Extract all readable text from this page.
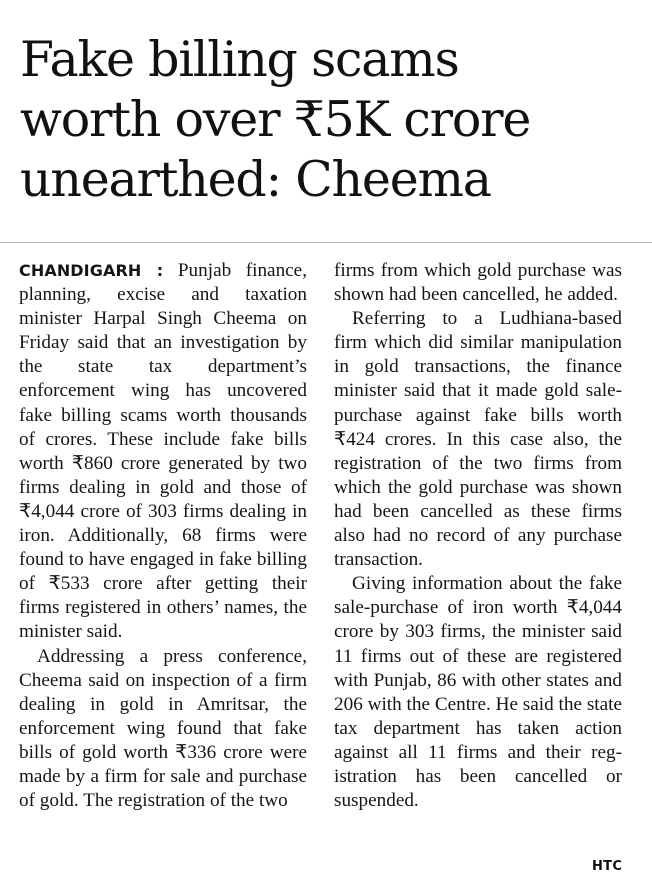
Fake billing scams
worth over ₹5K crore
unearthed: Cheema

CHANDIGARH : Punjab finance, planning, excise and taxation minister Harpal Singh Cheema on Friday said that an investigation by the state tax department’s enforcement wing has uncovered fake billing scams worth thousands of crores. These include fake bills worth ₹860 crore generated by two firms dealing in gold and those of ₹4,044 crore of 303 firms dealing in iron. Additionally, 68 firms were found to have engaged in fake billing of ₹533 crore after getting their firms registered in others’ names, the minister said.

Addressing a press conference, Cheema said on inspection of a firm dealing in gold in Amritsar, the enforcement wing found that fake bills of gold worth ₹336 crore were made by a firm for sale and purchase of gold. The registration of the two

firms from which gold purchase was shown had been cancelled, he added.

Referring to a Ludhiana-based firm which did similar manipulation in gold transactions, the finance minister said that it made gold sale-purchase against fake bills worth ₹424 crores. In this case also, the registration of the two firms from which the gold purchase was shown had been cancelled as these firms also had no record of any purchase transaction.

Giving information about the fake sale-purchase of iron worth ₹4,044 crore by 303 firms, the minister said 11 firms out of these are registered with Punjab, 86 with other states and 206 with the Centre. He said the state tax department has taken action against all 11 firms and their registration has been cancelled or suspended.

HTC
